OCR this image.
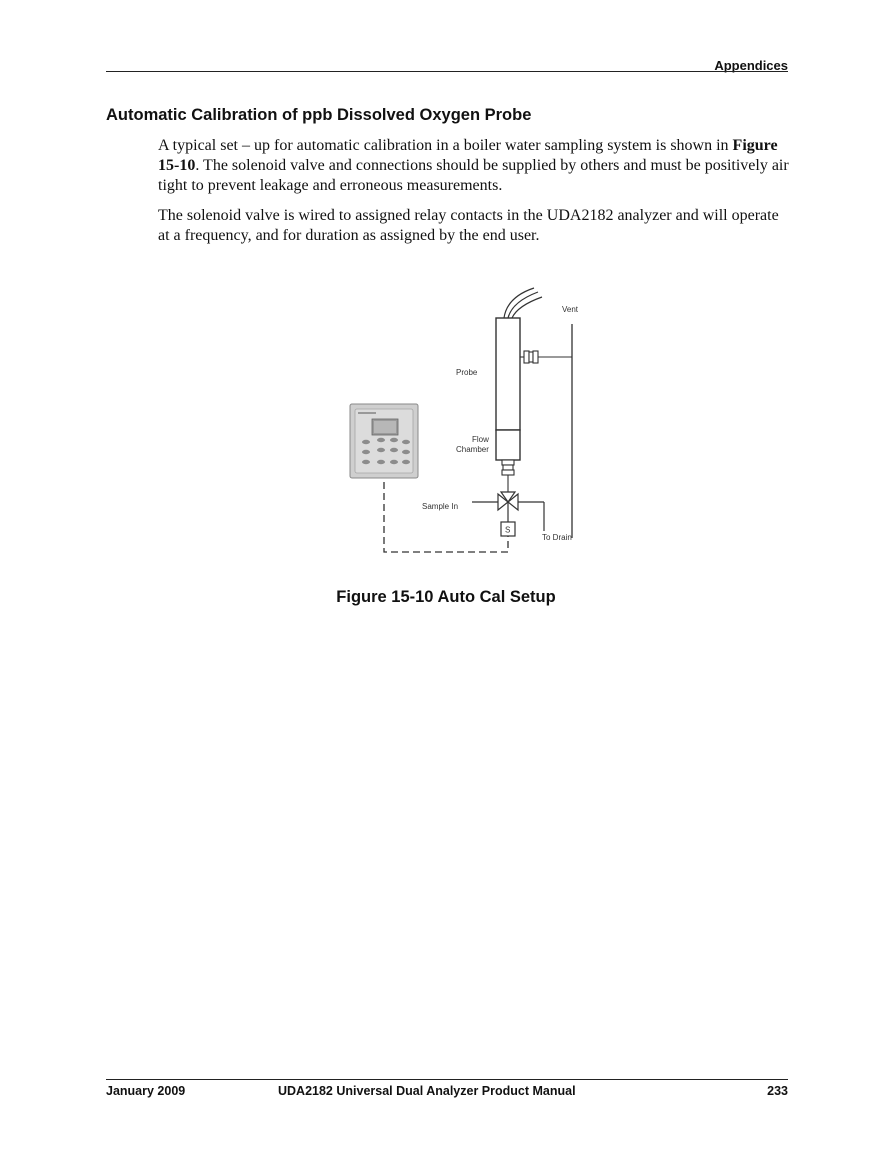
Appendices
Automatic Calibration of ppb Dissolved Oxygen Probe

A typical set – up for automatic calibration in a boiler water sampling system is shown in Figure 15-10. The solenoid valve and connections should be supplied by others and must be positively air tight to prevent leakage and erroneous measurements.

The solenoid valve is wired to assigned relay contacts in the UDA2182 analyzer and will operate at a frequency, and for duration as assigned by the end user.

S
Vent
Probe
Flow
Chamber
Sample In
To Drain
Figure 15-10 Auto Cal Setup
January 2009	UDA2182 Universal Dual Analyzer Product Manual	233
